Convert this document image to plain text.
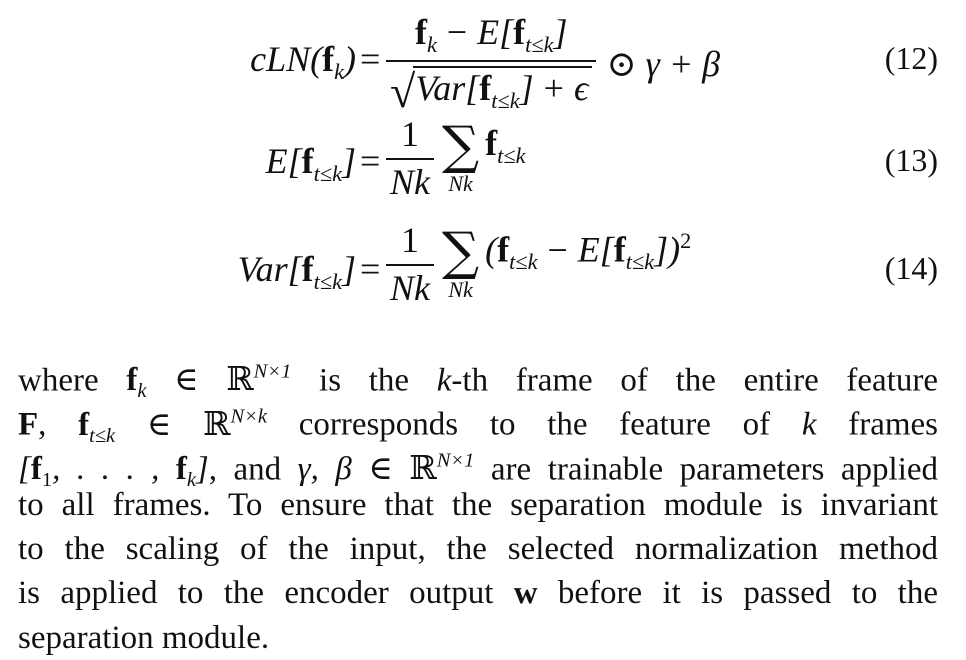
$cLN(f_k) = \frac{f_k - E[f_{t\le k}]}{√ Var[f_{t\le k}] + \epsilon}$ ⊙ γ + β	(12)
$E[f_{t\le k}] = \frac{1}{Nk}$ ∑
Nk
$f_{t\le k}$	(13)
$Var[f_{t\le k}] = \frac{1}{Nk}$ ∑
Nk
$(f_{t\le k} - E[f_{t\le k}])^2$
(14)
where $f_k$ ∈ ℝ$^{N\times 1}$ is the k-th frame of the entire feature
F, $f_{t\le k}$ ∈ ℝ$^{N\times k}$ corresponds to the feature of k frames
[$f_1$, . . . , $f_k$], and γ, β ∈ ℝ$^{N\times 1}$ are trainable parameters applied
to all frames. To ensure that the separation module is invariant
to the scaling of the input, the selected normalization method
is applied to the encoder output w before it is passed to the
separation module.
